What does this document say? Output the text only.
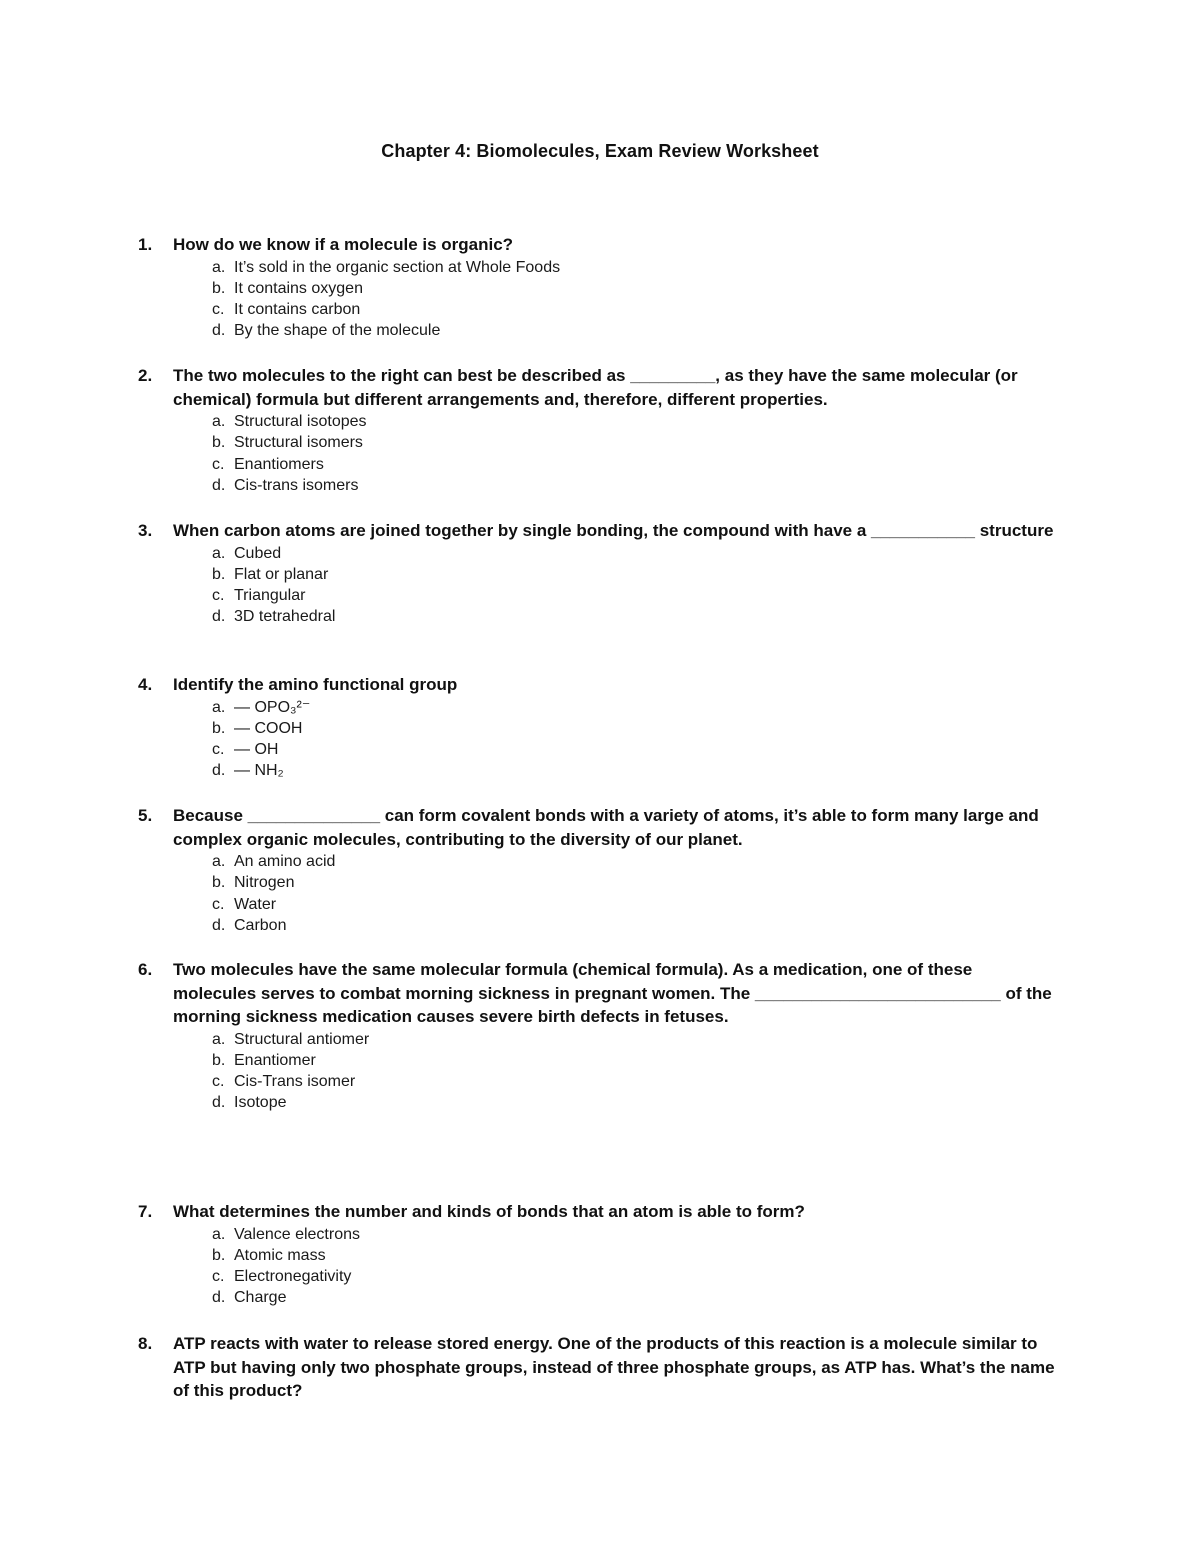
Chapter 4: Biomolecules, Exam Review Worksheet
1.	How do we know if a molecule is organic?
a. It’s sold in the organic section at Whole Foods
b. It contains oxygen
c. It contains carbon
d. By the shape of the molecule
2.	The two molecules to the right can best be described as _________, as they have the same molecular (or chemical) formula but different arrangements and, therefore, different properties.
a. Structural isotopes
b. Structural isomers
c. Enantiomers
d. Cis-trans isomers
3.	When carbon atoms are joined together by single bonding, the compound with have a ___________ structure
a. Cubed
b. Flat or planar
c. Triangular
d. 3D tetrahedral
4.	Identify the amino functional group
a. — OPO₃²⁻
b. — COOH
c. — OH
d. — NH₂
5.	Because ______________ can form covalent bonds with a variety of atoms, it’s able to form many large and complex organic molecules, contributing to the diversity of our planet.
a. An amino acid
b. Nitrogen
c. Water
d. Carbon
6.	Two molecules have the same molecular formula (chemical formula). As a medication, one of these molecules serves to combat morning sickness in pregnant women. The __________________________ of the morning sickness medication causes severe birth defects in fetuses.
a. Structural antiomer
b. Enantiomer
c. Cis-Trans isomer
d. Isotope
7.	What determines the number and kinds of bonds that an atom is able to form?
a. Valence electrons
b. Atomic mass
c. Electronegativity
d. Charge
8.	ATP reacts with water to release stored energy. One of the products of this reaction is a molecule similar to ATP but having only two phosphate groups, instead of three phosphate groups, as ATP has. What’s the name of this product?
